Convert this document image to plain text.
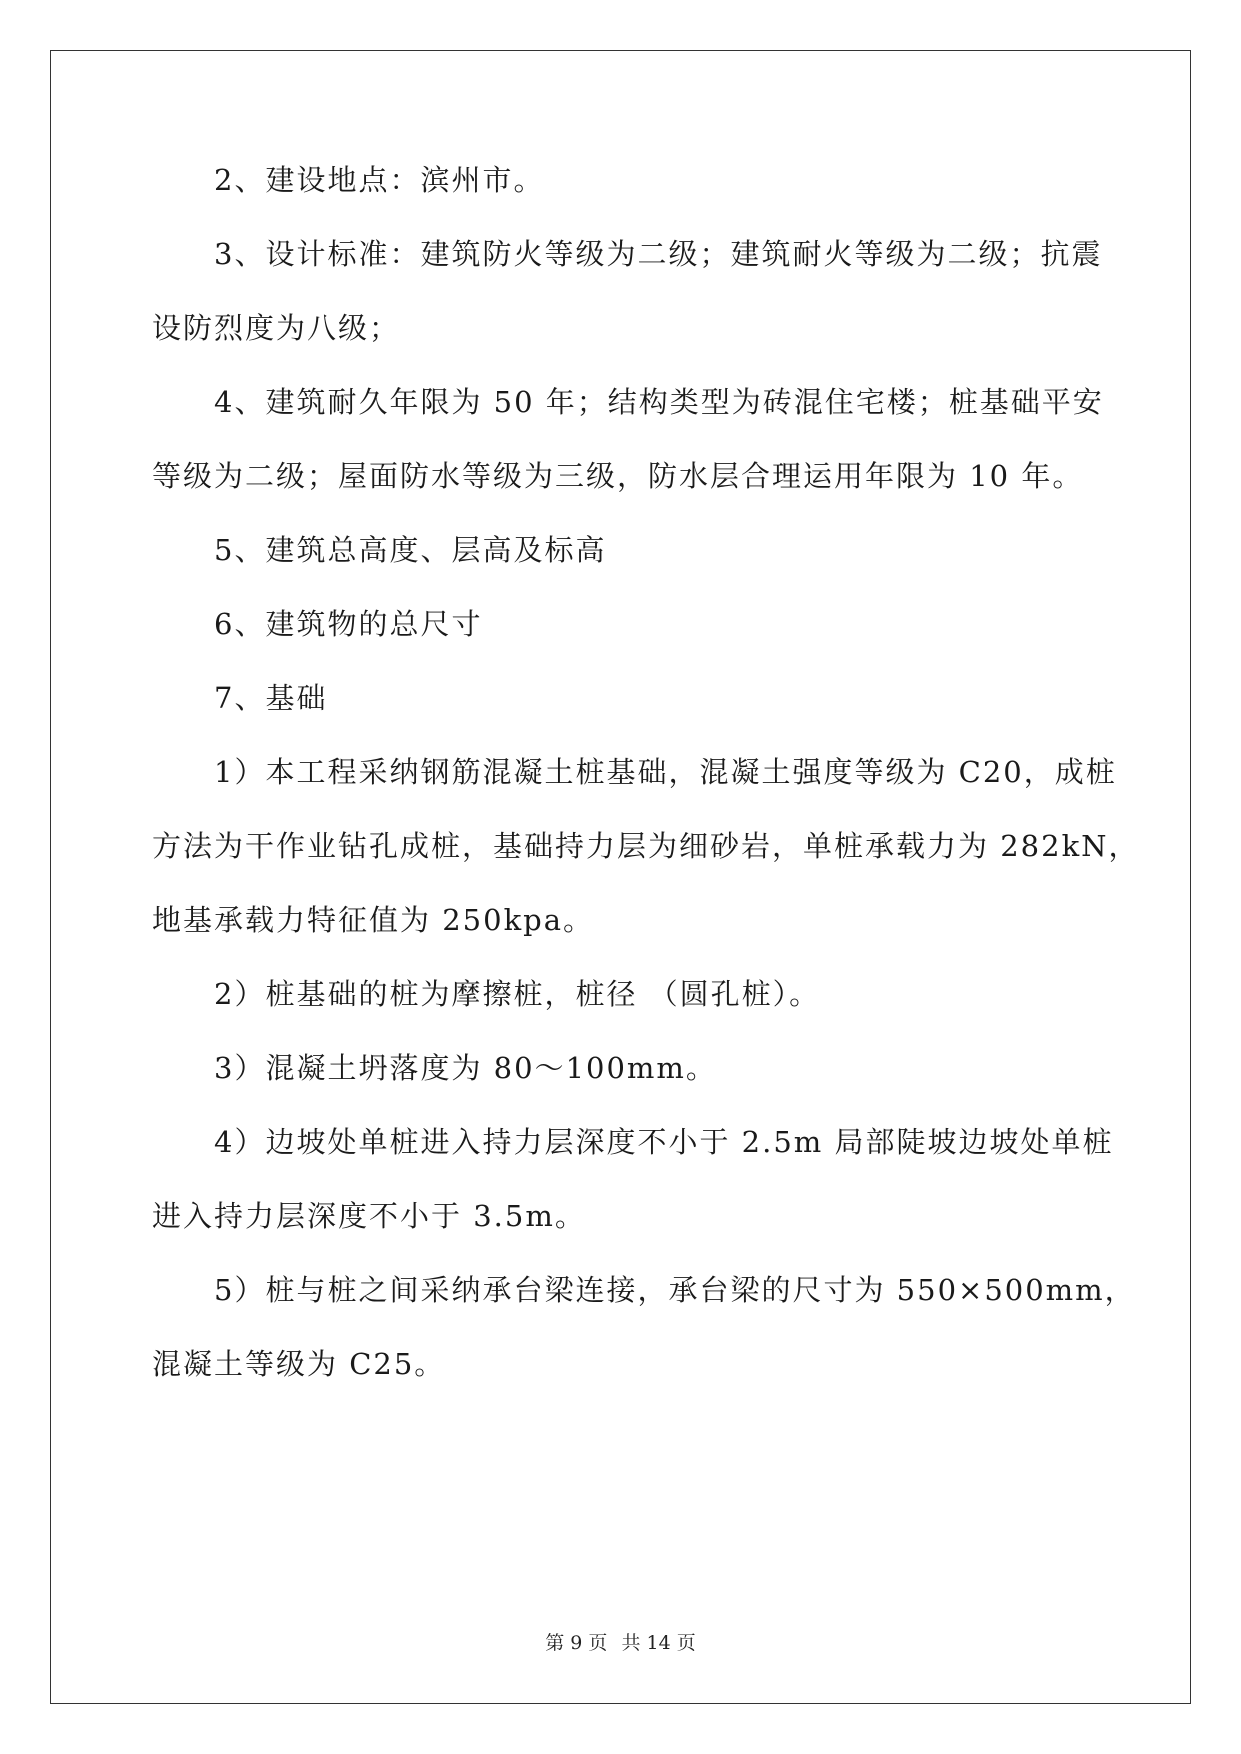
2、建设地点：滨州市。
3、设计标准：建筑防火等级为二级；建筑耐火等级为二级；抗震
设防烈度为八级；
4、建筑耐久年限为 50 年；结构类型为砖混住宅楼；桩基础平安
等级为二级；屋面防水等级为三级，防水层合理运用年限为 10 年。
5、建筑总高度、层高及标高
6、建筑物的总尺寸
7、基础
1）本工程采纳钢筋混凝土桩基础，混凝土强度等级为 C20，成桩
方法为干作业钻孔成桩，基础持力层为细砂岩，单桩承载力为 282kN，
地基承载力特征值为 250kpa。
2）桩基础的桩为摩擦桩，桩径 （圆孔桩）。
3）混凝土坍落度为 80～100mm。
4）边坡处单桩进入持力层深度不小于 2.5m 局部陡坡边坡处单桩
进入持力层深度不小于 3.5m。
5）桩与桩之间采纳承台梁连接，承台梁的尺寸为 550×500mm，
混凝土等级为 C25。
第 9 页 共 14 页
